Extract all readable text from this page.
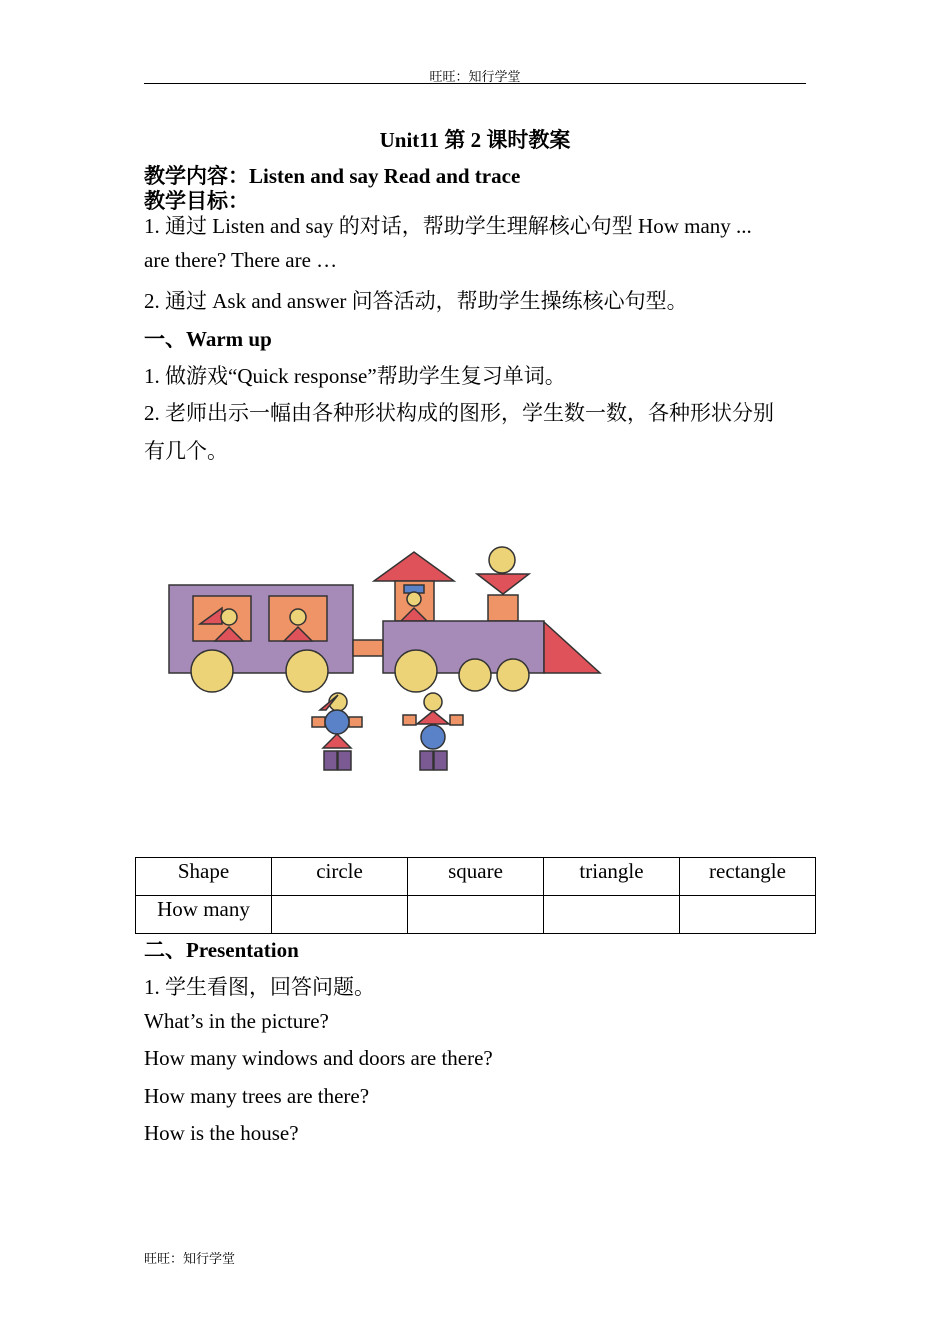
旺旺：知行学堂
Unit11 第 2 课时教案
教学内容：Listen and say Read and trace
教学目标：
1. 通过 Listen and say 的对话，帮助学生理解核心句型 How many ...
are there? There are …
2. 通过 Ask and answer 问答活动，帮助学生操练核心句型。
一、Warm up
1. 做游戏“Quick response”帮助学生复习单词。
2. 老师出示一幅由各种形状构成的图形，学生数一数，各种形状分别
有几个。
Shape	circle	square	triangle	rectangle
How many				
二、Presentation
1. 学生看图，回答问题。
What’s in the picture?
How many windows and doors are there?
How many trees are there?
How is the house?
旺旺：知行学堂
